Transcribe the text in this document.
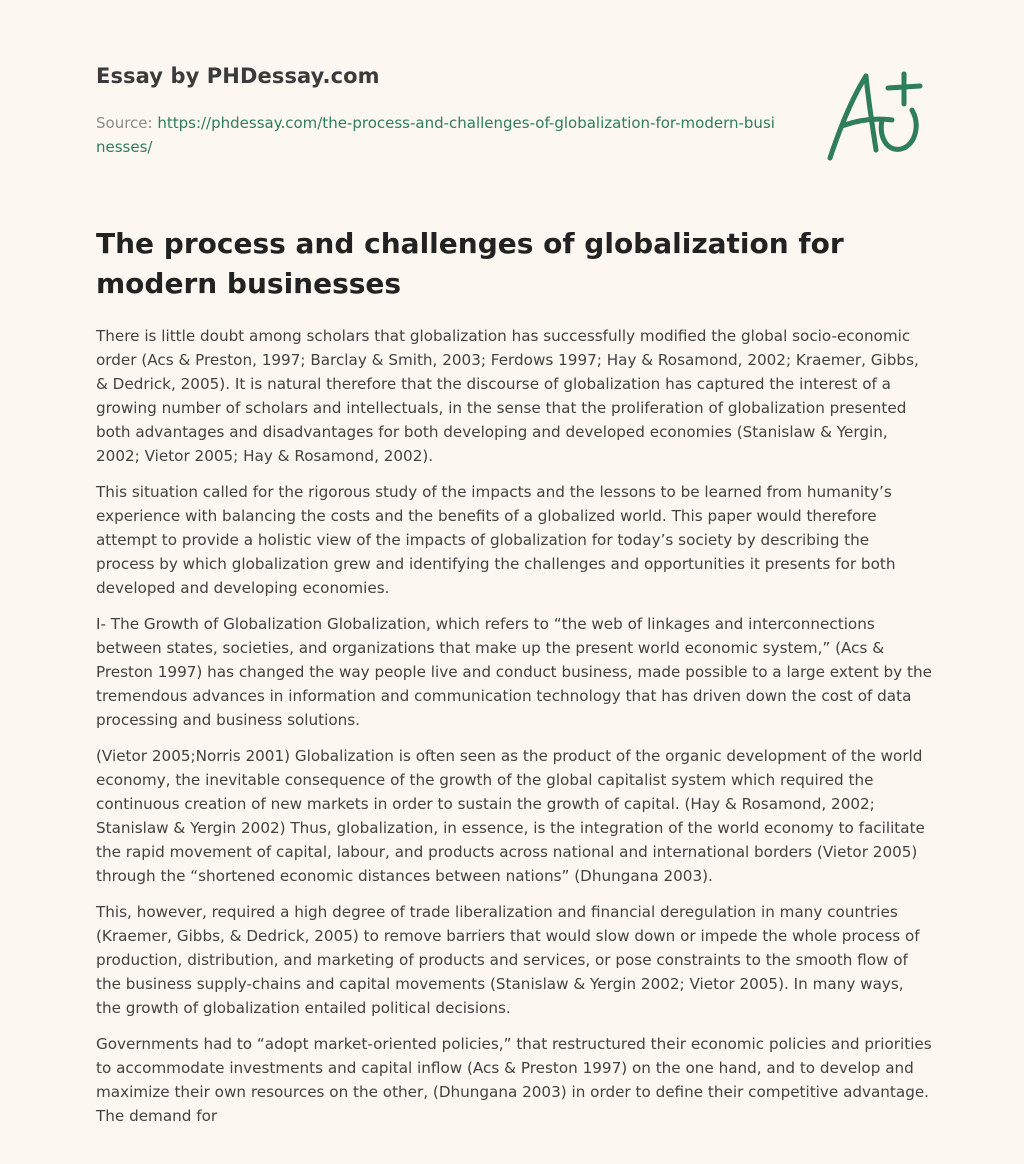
Essay by PHDessay.com
Source: https://phdessay.com/the-process-and-challenges-of-globalization-for-modern-businesses/
The process and challenges of globalization for modern businesses

There is little doubt among scholars that globalization has successfully modified the global socio-economic order (Acs & Preston, 1997; Barclay & Smith, 2003; Ferdows 1997; Hay & Rosamond, 2002; Kraemer, Gibbs, & Dedrick, 2005). It is natural therefore that the discourse of globalization has captured the interest of a growing number of scholars and intellectuals, in the sense that the proliferation of globalization presented both advantages and disadvantages for both developing and developed economies (Stanislaw & Yergin, 2002; Vietor 2005; Hay & Rosamond, 2002).

This situation called for the rigorous study of the impacts and the lessons to be learned from humanity’s experience with balancing the costs and the benefits of a globalized world. This paper would therefore attempt to provide a holistic view of the impacts of globalization for today’s society by describing the process by which globalization grew and identifying the challenges and opportunities it presents for both developed and developing economies.

I- The Growth of Globalization Globalization, which refers to “the web of linkages and interconnections between states, societies, and organizations that make up the present world economic system,” (Acs & Preston 1997) has changed the way people live and conduct business, made possible to a large extent by the tremendous advances in information and communication technology that has driven down the cost of data processing and business solutions.

(Vietor 2005;Norris 2001) Globalization is often seen as the product of the organic development of the world economy, the inevitable consequence of the growth of the global capitalist system which required the continuous creation of new markets in order to sustain the growth of capital. (Hay & Rosamond, 2002; Stanislaw & Yergin 2002) Thus, globalization, in essence, is the integration of the world economy to facilitate the rapid movement of capital, labour, and products across national and international borders (Vietor 2005) through the “shortened economic distances between nations” (Dhungana 2003).

This, however, required a high degree of trade liberalization and financial deregulation in many countries (Kraemer, Gibbs, & Dedrick, 2005) to remove barriers that would slow down or impede the whole process of production, distribution, and marketing of products and services, or pose constraints to the smooth flow of the business supply-chains and capital movements (Stanislaw & Yergin 2002; Vietor 2005). In many ways, the growth of globalization entailed political decisions.

Governments had to “adopt market-oriented policies,” that restructured their economic policies and priorities to accommodate investments and capital inflow (Acs & Preston 1997) on the one hand, and to develop and maximize their own resources on the other, (Dhungana 2003) in order to define their competitive advantage. The demand for
